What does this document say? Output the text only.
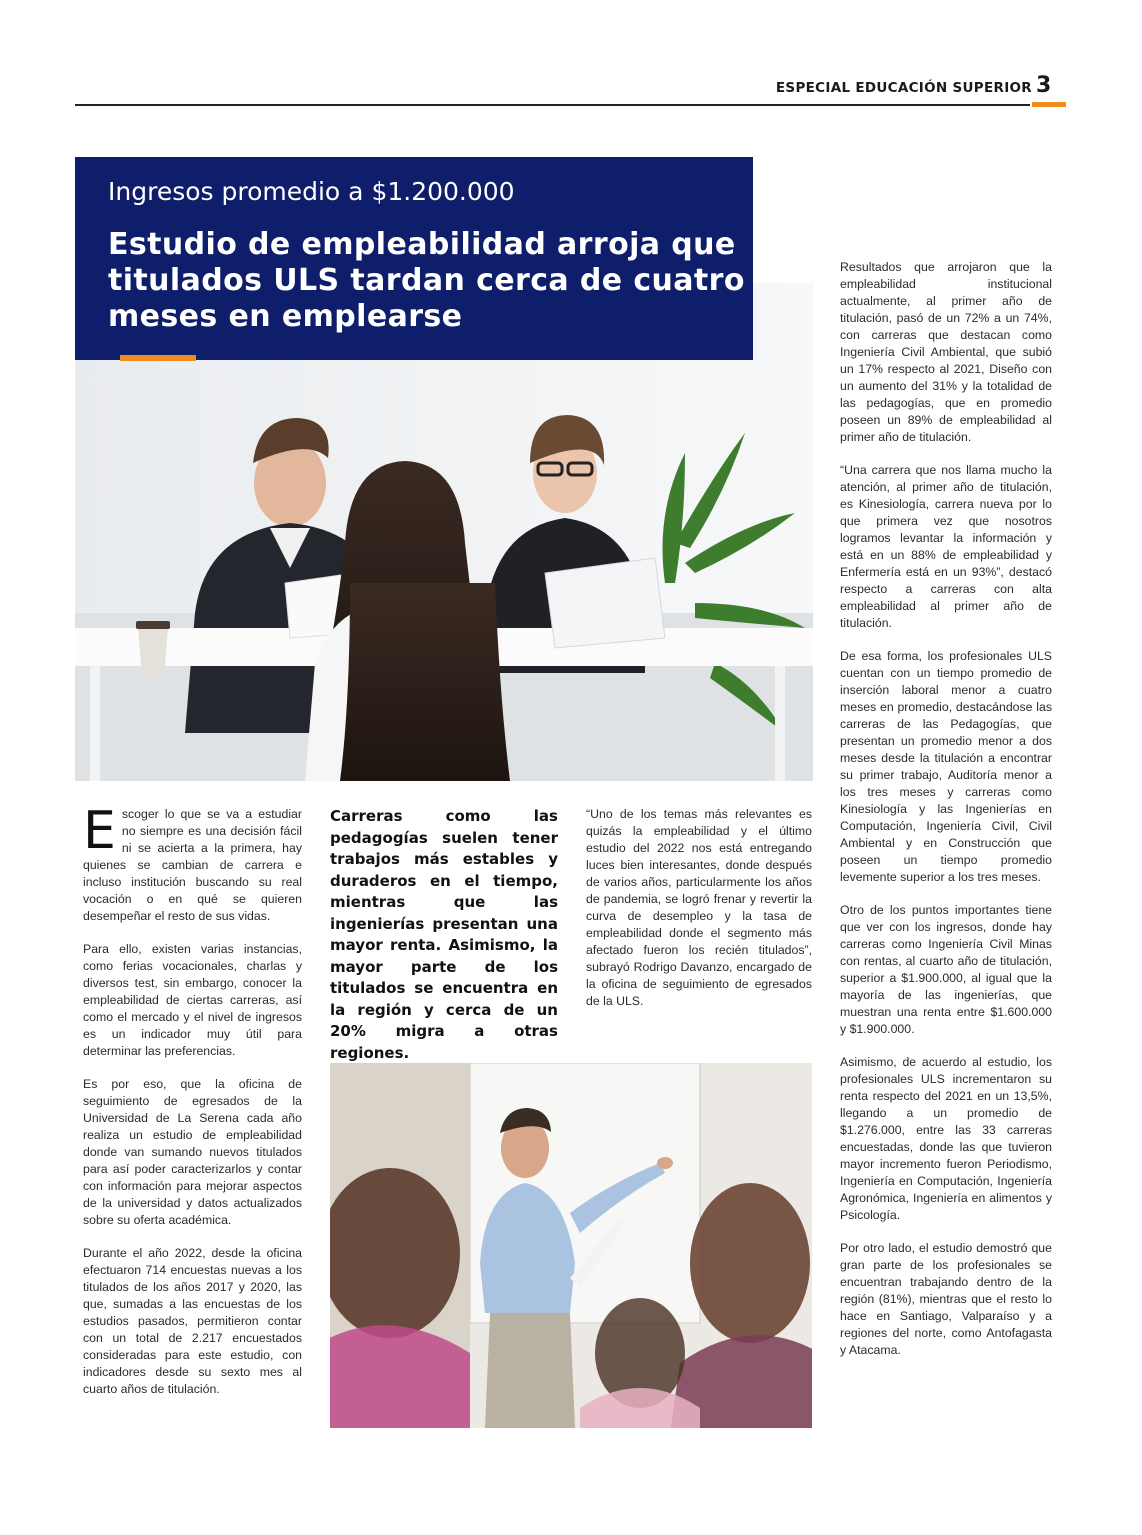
ESPECIAL EDUCACIÓN SUPERIOR 3
Ingresos promedio a $1.200.000
Estudio de empleabilidad arroja que titulados ULS tardan cerca de cuatro meses en emplearse

Escoger lo que se va a estudiar no siempre es una decisión fácil ni se acierta a la primera, hay quienes se cambian de carrera e incluso institución buscando su real vocación o en qué se quieren desempeñar el resto de sus vidas.

Para ello, existen varias instancias, como ferias vocacionales, charlas y diversos test, sin embargo, conocer la empleabilidad de ciertas carreras, así como el mercado y el nivel de ingresos es un indicador muy útil para determinar las preferencias.

Es por eso, que la oficina de seguimiento de egresados de la Universidad de La Serena cada año realiza un estudio de empleabilidad donde van sumando nuevos titulados para así poder caracterizarlos y contar con información para mejorar aspectos de la universidad y datos actualizados sobre su oferta académica.

Durante el año 2022, desde la oficina efectuaron 714 encuestas nuevas a los titulados de los años 2017 y 2020, las que, sumadas a las encuestas de los estudios pasados, permitieron contar con un total de 2.217 encuestados consideradas para este estudio, con indicadores desde su sexto mes al cuarto años de titulación.

Carreras como las pedagogías suelen tener trabajos más estables y duraderos en el tiempo, mientras que las ingenierías presentan una mayor renta. Asimismo, la mayor parte de los titulados se encuentra en la región y cerca de un 20% migra a otras regiones.

“Uno de los temas más relevantes es quizás la empleabilidad y el último estudio del 2022 nos está entregando luces bien interesantes, donde después de varios años, particularmente los años de pandemia, se logró frenar y revertir la curva de desempleo y la tasa de empleabilidad donde el segmento más afectado fueron los recién titulados”, subrayó Rodrigo Davanzo, encargado de la oficina de seguimiento de egresados de la ULS.

Resultados que arrojaron que la empleabilidad institucional actualmente, al primer año de titulación, pasó de un 72% a un 74%, con carreras que destacan como Ingeniería Civil Ambiental, que subió un 17% respecto al 2021, Diseño con un aumento del 31% y la totalidad de las pedagogías, que en promedio poseen un 89% de empleabilidad al primer año de titulación.

“Una carrera que nos llama mucho la atención, al primer año de titulación, es Kinesiología, carrera nueva por lo que primera vez que nosotros logramos levantar la información y está en un 88% de empleabilidad y Enfermería está en un 93%”, destacó respecto a carreras con alta empleabilidad al primer año de titulación.

De esa forma, los profesionales ULS cuentan con un tiempo promedio de inserción laboral menor a cuatro meses en promedio, destacándose las carreras de las Pedagogías, que presentan un promedio menor a dos meses desde la titulación a encontrar su primer trabajo, Auditoría menor a los tres meses y carreras como Kinesiología y las Ingenierías en Computación, Ingeniería Civil, Civil Ambiental y en Construcción que poseen un tiempo promedio levemente superior a los tres meses.

Otro de los puntos importantes tiene que ver con los ingresos, donde hay carreras como Ingeniería Civil Minas con rentas, al cuarto año de titulación, superior a $1.900.000, al igual que la mayoría de las ingenierías, que muestran una renta entre $1.600.000 y $1.900.000.

Asimismo, de acuerdo al estudio, los profesionales ULS incrementaron su renta respecto del 2021 en un 13,5%, llegando a un promedio de $1.276.000, entre las 33 carreras encuestadas, donde las que tuvieron mayor incremento fueron Periodismo, Ingeniería en Computación, Ingeniería Agronómica, Ingeniería en alimentos y Psicología.

Por otro lado, el estudio demostró que gran parte de los profesionales se encuentran trabajando dentro de la región (81%), mientras que el resto lo hace en Santiago, Valparaíso y a regiones del norte, como Antofagasta y Atacama.
